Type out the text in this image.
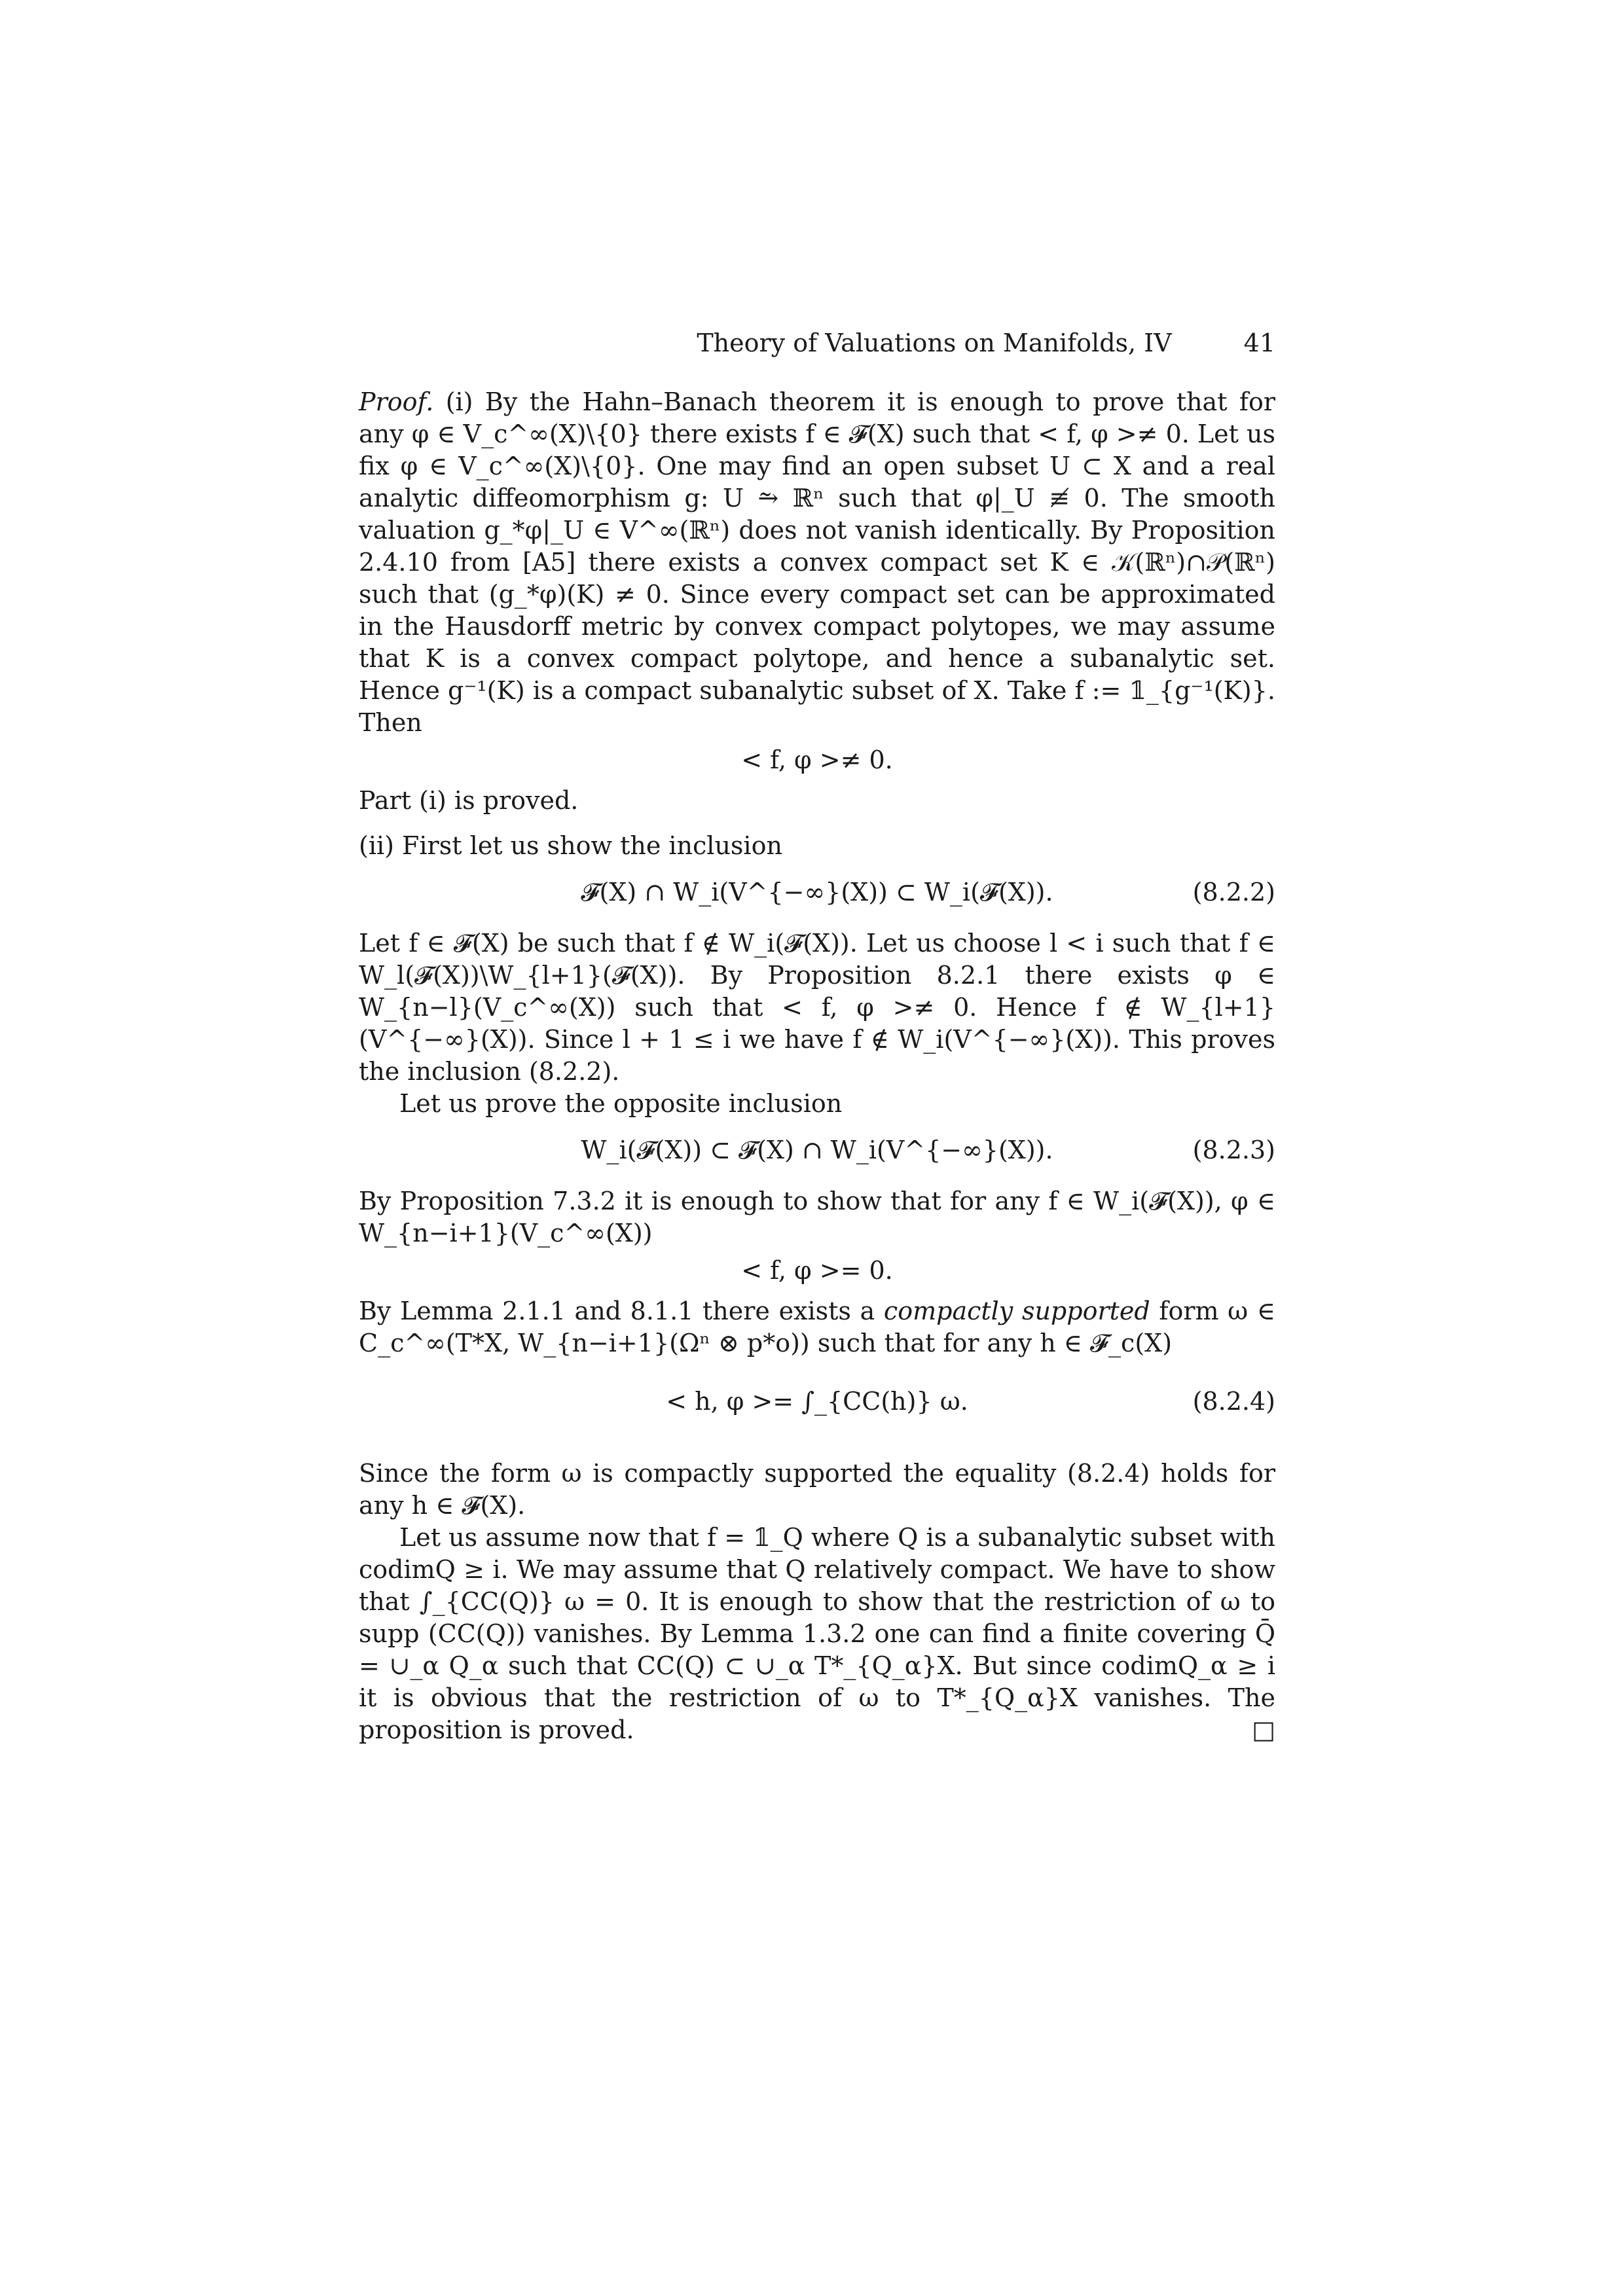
Theory of Valuations on Manifolds, IV	41

Proof. (i) By the Hahn–Banach theorem it is enough to prove that for any φ ∈ V_c^∞(X)\{0} there exists f ∈ 𝓕(X) such that < f, φ >≠ 0. Let us fix φ ∈ V_c^∞(X)\{0}. One may find an open subset U ⊂ X and a real analytic diffeomorphism g: U ⥲ ℝⁿ such that φ|_U ≢ 0. The smooth valuation g_*φ|_U ∈ V^∞(ℝⁿ) does not vanish identically. By Proposition 2.4.10 from [A5] there exists a convex compact set K ∈ 𝒦(ℝⁿ)∩𝒫(ℝⁿ) such that (g_*φ)(K) ≠ 0. Since every compact set can be approximated in the Hausdorff metric by convex compact polytopes, we may assume that K is a convex compact polytope, and hence a subanalytic set. Hence g⁻¹(K) is a compact subanalytic subset of X. Take f := 𝟙_{g⁻¹(K)}. Then

< f, φ >≠ 0.

Part (i) is proved.

(ii) First let us show the inclusion

𝓕(X) ∩ W_i(V^{−∞}(X)) ⊂ W_i(𝓕(X)).	(8.2.2)

Let f ∈ 𝓕(X) be such that f ∉ W_i(𝓕(X)). Let us choose l < i such that f ∈ W_l(𝓕(X))\W_{l+1}(𝓕(X)). By Proposition 8.2.1 there exists φ ∈ W_{n−l}(V_c^∞(X)) such that < f, φ >≠ 0. Hence f ∉ W_{l+1}(V^{−∞}(X)). Since l + 1 ≤ i we have f ∉ W_i(V^{−∞}(X)). This proves the inclusion (8.2.2).

Let us prove the opposite inclusion

W_i(𝓕(X)) ⊂ 𝓕(X) ∩ W_i(V^{−∞}(X)).	(8.2.3)

By Proposition 7.3.2 it is enough to show that for any f ∈ W_i(𝓕(X)), φ ∈ W_{n−i+1}(V_c^∞(X))

< f, φ >= 0.

By Lemma 2.1.1 and 8.1.1 there exists a compactly supported form ω ∈ C_c^∞(T*X, W_{n−i+1}(Ωⁿ ⊗ p*o)) such that for any h ∈ 𝓕_c(X)

< h, φ >= ∫_{CC(h)} ω.	(8.2.4)

Since the form ω is compactly supported the equality (8.2.4) holds for any h ∈ 𝓕(X).

Let us assume now that f = 𝟙_Q where Q is a subanalytic subset with codimQ ≥ i. We may assume that Q relatively compact. We have to show that ∫_{CC(Q)} ω = 0. It is enough to show that the restriction of ω to supp (CC(Q)) vanishes. By Lemma 1.3.2 one can find a finite covering Q̄ = ∪_α Q_α such that CC(Q) ⊂ ∪_α T*_{Q_α}X. But since codimQ_α ≥ i it is obvious that the restriction of ω to T*_{Q_α}X vanishes. The proposition is proved.	□
